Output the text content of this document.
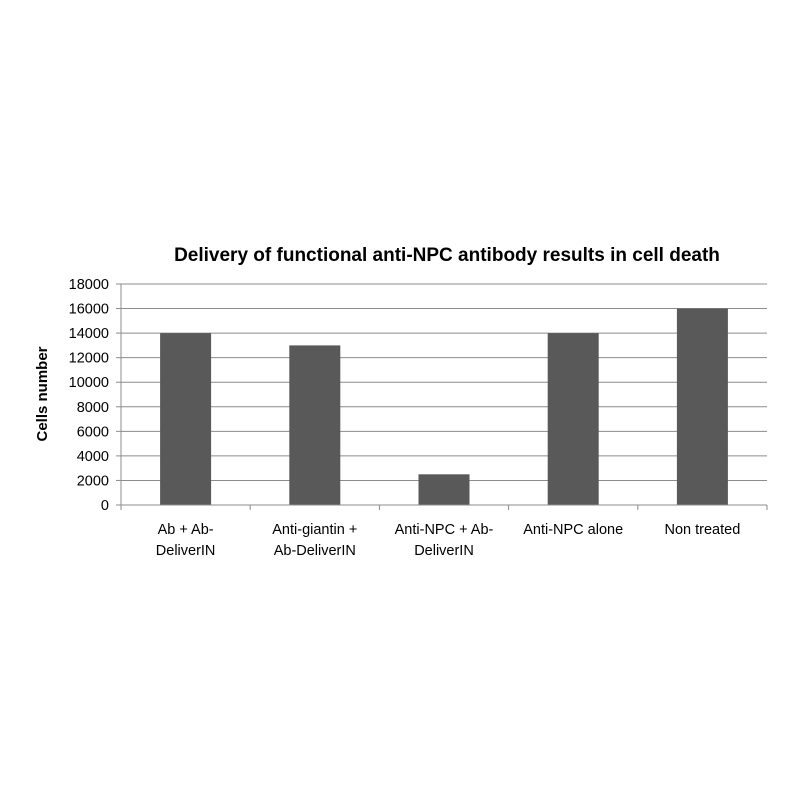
Delivery of functional anti-NPC antibody results in cell death
Cells number
0
2000
4000
6000
8000
10000
12000
14000
16000
18000
Ab + Ab-DeliverIN
Anti-giantin + Ab-DeliverIN
Anti-NPC + Ab-DeliverIN
Anti-NPC alone	Non treated
